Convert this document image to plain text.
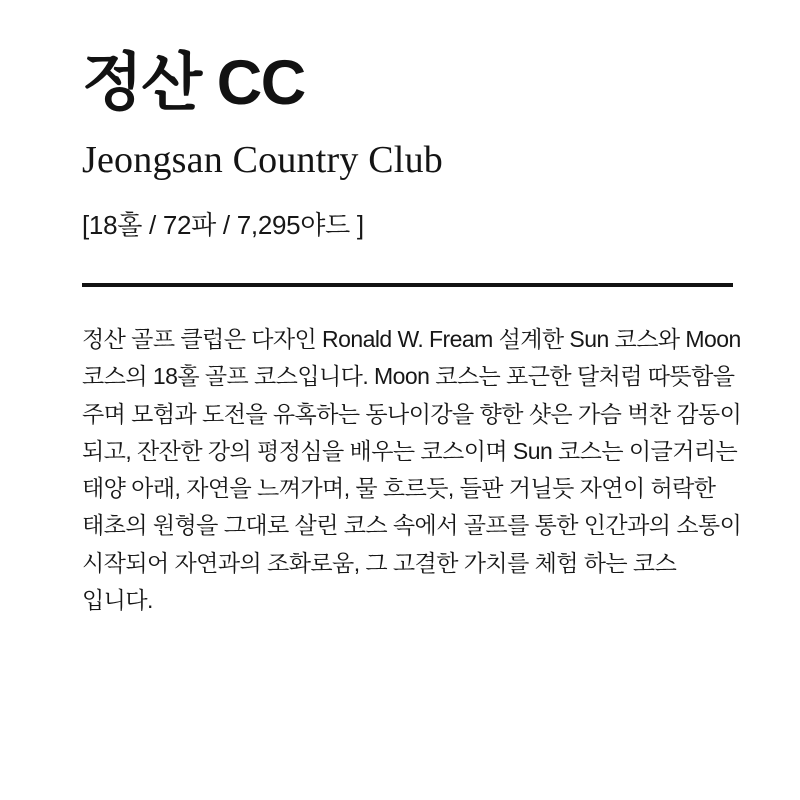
정산 CC
Jeongsan Country Club
[18홀 / 72파 / 7,295야드 ]

정산 골프 클럽은 다자인 Ronald W. Fream 설계한 Sun 코스와 Moon 코스의 18홀 골프 코스입니다. Moon 코스는 포근한 달처럼 따뜻함을 주며 모험과 도전을 유혹하는 동나이강을 향한 샷은 가슴 벅찬 감동이 되고, 잔잔한 강의 평정심을 배우는 코스이며 Sun 코스는 이글거리는 태양 아래, 자연을 느껴가며, 물 흐르듯, 들판 거닐듯 자연이 허락한 태초의 원형을 그대로 살린 코스 속에서 골프를 통한 인간과의 소통이 시작되어 자연과의 조화로움, 그 고결한 가치를 체험 하는 코스 입니다.
